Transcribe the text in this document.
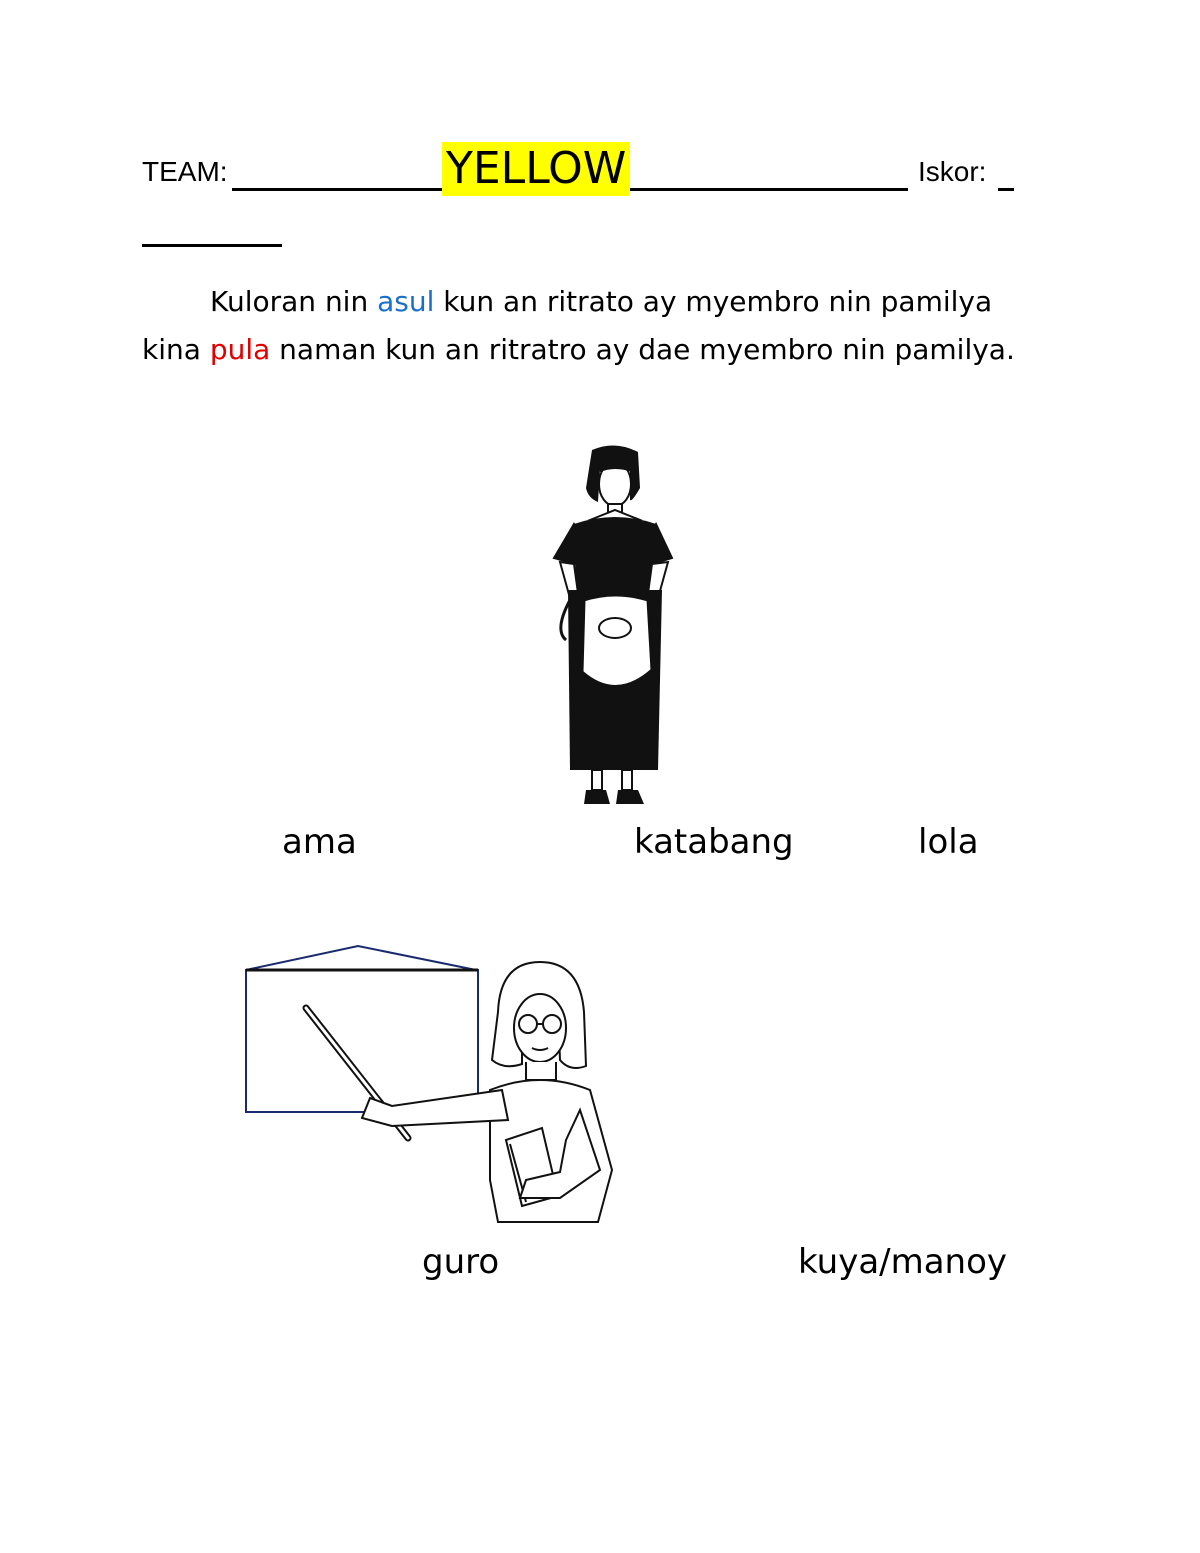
TEAM:	YELLOW	Iskor:
Kuloran nin asul kun an ritrato ay myembro nin pamilya
kina pula naman kun an ritratro ay dae myembro nin pamilya.
ama	katabang	lola
guro	kuya/manoy
